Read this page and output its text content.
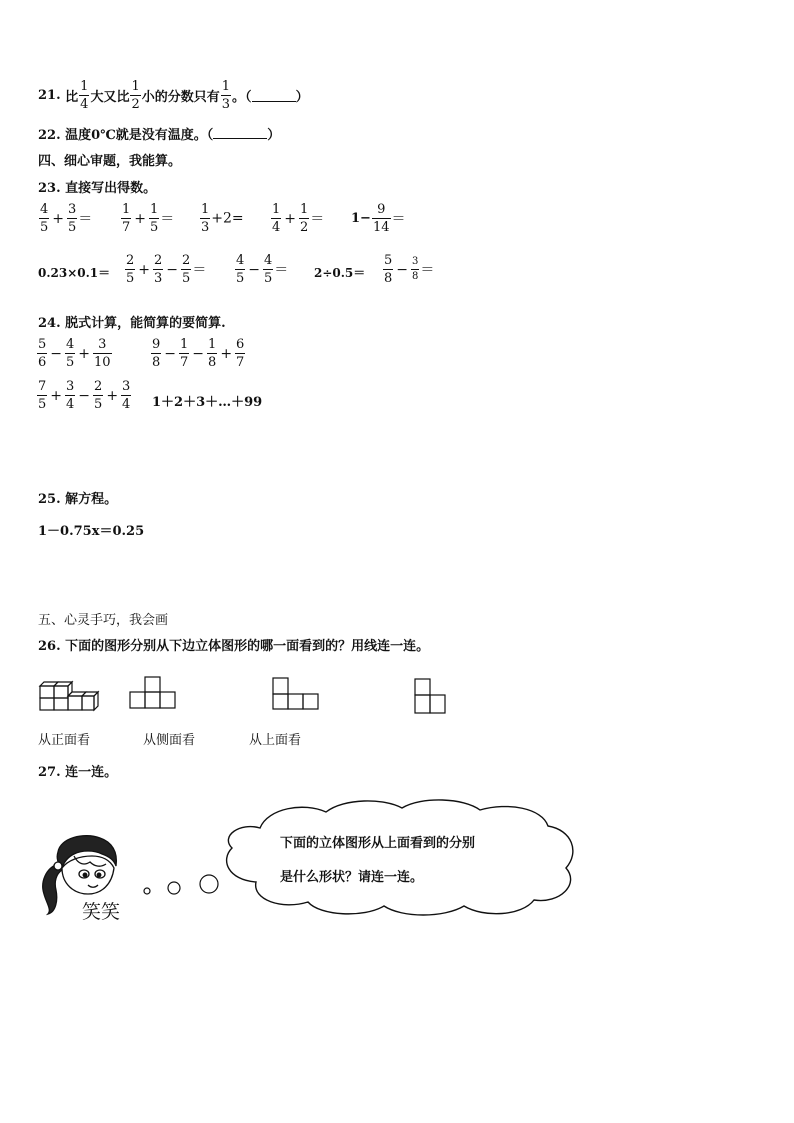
21. 比 $\frac{1}{4}$ 大又比 $\frac{1}{2}$ 小的分数只有 $\frac{1}{3}$ 。（	）
22. 温度0℃就是没有温度。（	）
四、细心审题，我能算。
23. 直接写出得数。
$\frac{4}{5} + \frac{3}{5} = \frac{1}{7} + \frac{1}{5} = \frac{1}{3} +2= \frac{1}{4} + \frac{1}{2} = 1- \frac{9}{14}$ ＝
$0.23\times 0.1= \frac{2}{5} + \frac{2}{3} - \frac{2}{5} = \frac{4}{5} - \frac{4}{5} = 2\div 0.5= \frac{5}{8} - \frac{3}{8}$ ＝
24. 脱式计算，能简算的要简算.
$\frac{5}{6} - \frac{4}{5} + \frac{3}{10}$	$\frac{9}{8} - \frac{1}{7} - \frac{1}{8} + \frac{6}{7}$
$\frac{7}{5} + \frac{3}{4} - \frac{2}{5} + \frac{3}{4}$ 1＋2＋3＋…＋99
25. 解方程。
1－0.75x＝0.25
五、心灵手巧，我会画
26. 下面的图形分别从下边立体图形的哪一面看到的？用线连一连。
从正面看	从侧面看	从上面看
27. 连一连。
笑笑
下面的立体图形从上面看到的分别
是什么形状？请连一连。
